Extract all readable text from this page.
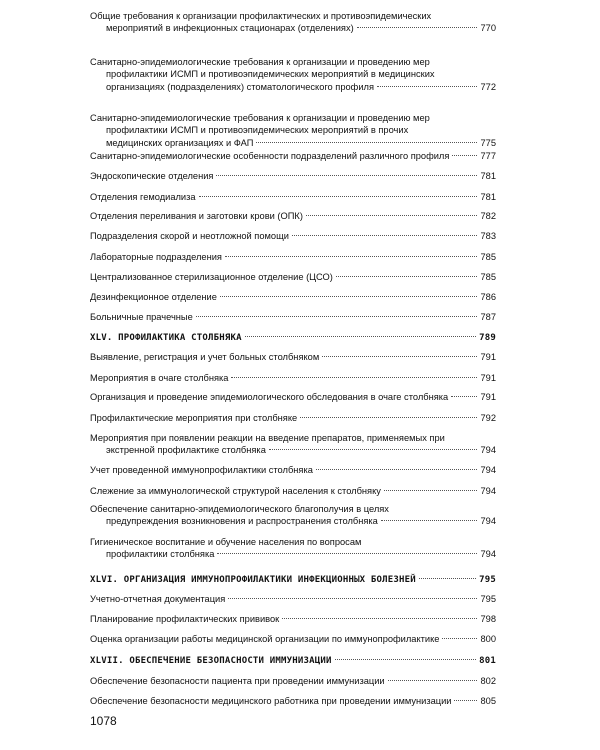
Общие требования к организации профилактических и противоэпидемических
мероприятий в инфекционных стационарах (отделениях)	770
Санитарно-эпидемиологические требования к организации и проведению мер
профилактики ИСМП и противоэпидемических мероприятий в медицинских
организациях (подразделениях) стоматологического профиля	772
Санитарно-эпидемиологические требования к организации и проведению мер
профилактики ИСМП и противоэпидемических мероприятий в прочих
медицинских организациях и ФАП	775
Санитарно-эпидемиологические особенности подразделений различного профиля	777
Эндоскопические отделения	781
Отделения гемодиализа	781
Отделения переливания и заготовки крови (ОПК)	782
Подразделения скорой и неотложной помощи	783
Лабораторные подразделения	785
Централизованное стерилизационное отделение (ЦСО)	785
Дезинфекционное отделение	786
Больничные прачечные	787
XLV. ПРОФИЛАКТИКА СТОЛБНЯКА	789
Выявление, регистрация и учет больных столбняком	791
Мероприятия в очаге столбняка	791
Организация и проведение эпидемиологического обследования в очаге столбняка	791
Профилактические мероприятия при столбняке	792
Мероприятия при появлении реакции на введение препаратов, применяемых при
экстренной профилактике столбняка	794
Учет проведенной иммунопрофилактики столбняка	794
Слежение за иммунологической структурой населения к столбняку	794
Обеспечение санитарно-эпидемиологического благополучия в целях
предупреждения возникновения и распространения столбняка	794
Гигиеническое воспитание и обучение населения по вопросам
профилактики столбняка	794
XLVI. ОРГАНИЗАЦИЯ ИММУНОПРОФИЛАКТИКИ ИНФЕКЦИОННЫХ БОЛЕЗНЕЙ	795
Учетно-отчетная документация	795
Планирование профилактических прививок	798
Оценка организации работы медицинской организации по иммунопрофилактике	800
XLVII. ОБЕСПЕЧЕНИЕ БЕЗОПАСНОСТИ ИММУНИЗАЦИИ	801
Обеспечение безопасности пациента при проведении иммунизации	802
Обеспечение безопасности медицинского работника при проведении иммунизации	805
1078
